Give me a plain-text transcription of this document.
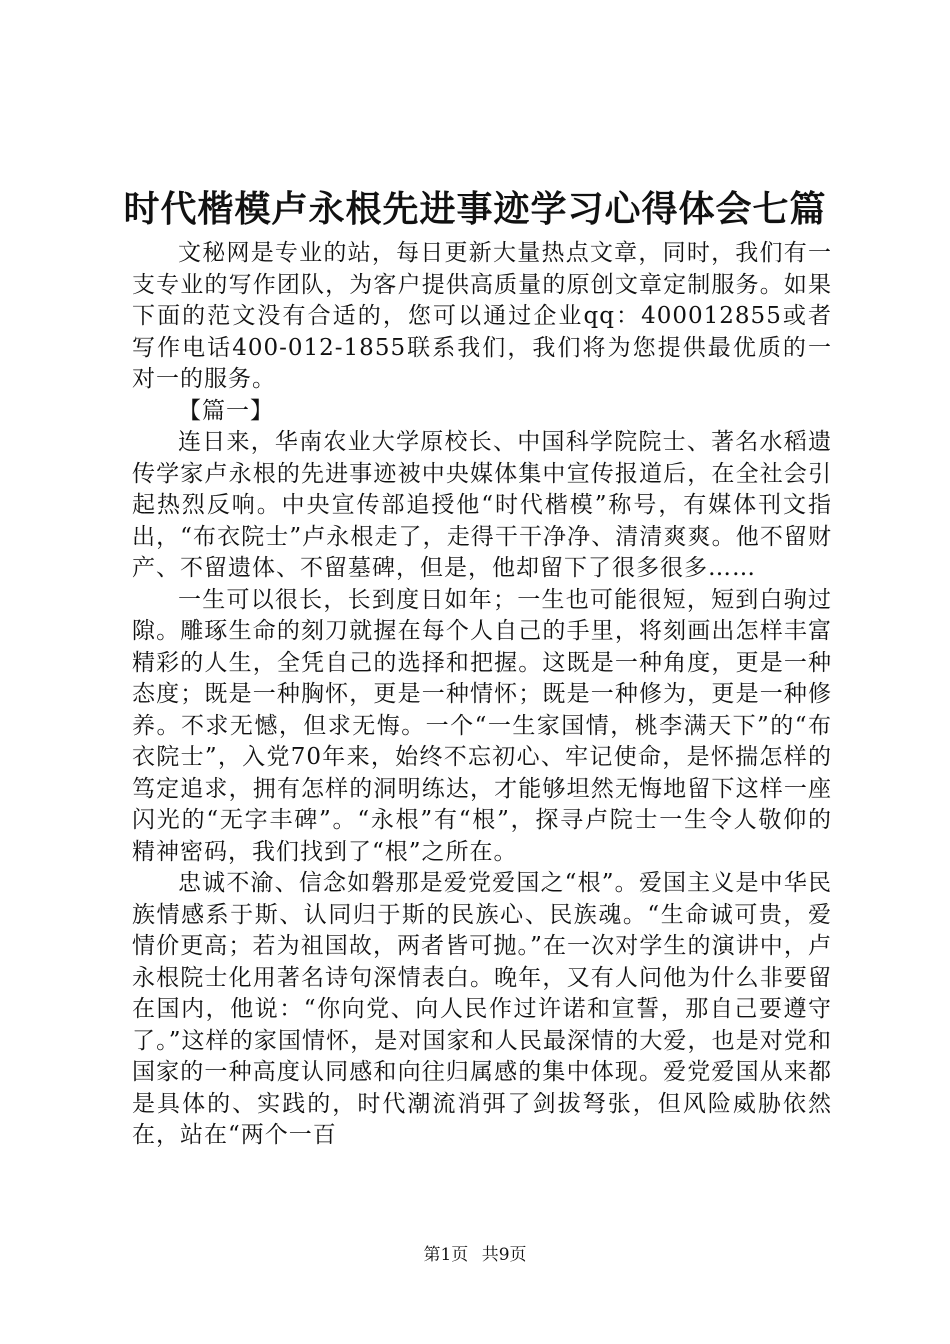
时代楷模卢永根先进事迹学习心得体会七篇

文秘网是专业的站，每日更新大量热点文章，同时，我们有一支专业的写作团队，为客户提供高质量的原创文章定制服务。如果下面的范文没有合适的，您可以通过企业qq：400012855或者写作电话400-012-1855联系我们，我们将为您提供最优质的一对一的服务。

【篇一】

连日来，华南农业大学原校长、中国科学院院士、著名水稻遗传学家卢永根的先进事迹被中央媒体集中宣传报道后，在全社会引起热烈反响。中央宣传部追授他“时代楷模”称号，有媒体刊文指出，“布衣院士”卢永根走了，走得干干净净、清清爽爽。他不留财产、不留遗体、不留墓碑，但是，他却留下了很多很多……

一生可以很长，长到度日如年；一生也可能很短，短到白驹过隙。雕琢生命的刻刀就握在每个人自己的手里，将刻画出怎样丰富精彩的人生，全凭自己的选择和把握。这既是一种角度，更是一种态度；既是一种胸怀，更是一种情怀；既是一种修为，更是一种修养。不求无憾，但求无悔。一个“一生家国情，桃李满天下”的“布衣院士”，入党70年来，始终不忘初心、牢记使命，是怀揣怎样的笃定追求，拥有怎样的洞明练达，才能够坦然无悔地留下这样一座闪光的“无字丰碑”。“永根”有“根”，探寻卢院士一生令人敬仰的精神密码，我们找到了“根”之所在。

忠诚不渝、信念如磐那是爱党爱国之“根”。爱国主义是中华民族情感系于斯、认同归于斯的民族心、民族魂。“生命诚可贵，爱情价更高；若为祖国故，两者皆可抛。”在一次对学生的演讲中，卢永根院士化用著名诗句深情表白。晚年，又有人问他为什么非要留在国内，他说：“你向党、向人民作过许诺和宣誓，那自己要遵守了。”这样的家国情怀，是对国家和人民最深情的大爱，也是对党和国家的一种高度认同感和向往归属感的集中体现。爱党爱国从来都是具体的、实践的，时代潮流消弭了剑拔弩张，但风险威胁依然在，站在“两个一百

第1页 共9页
